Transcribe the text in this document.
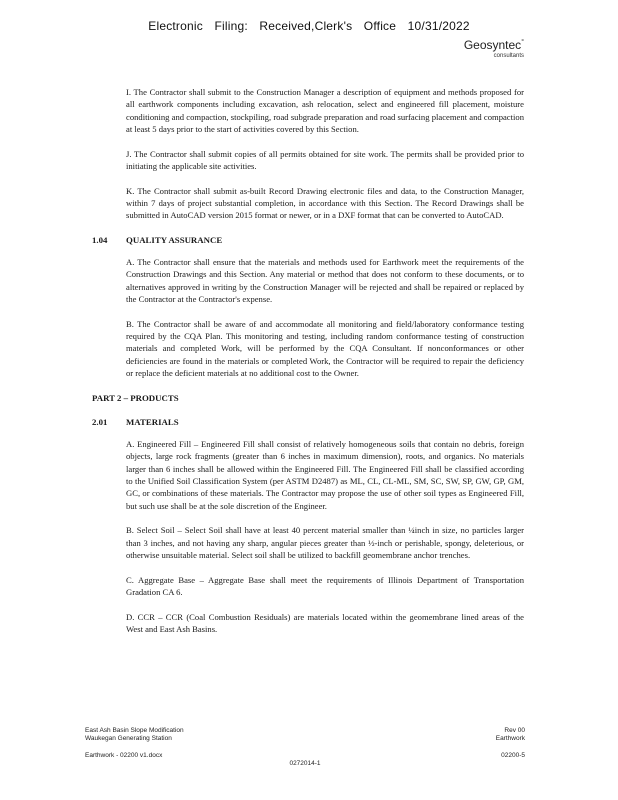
Electronic Filing: Received,Clerk's Office 10/31/2022
Geosyntec°
consultants
I. The Contractor shall submit to the Construction Manager a description of equipment and methods proposed for all earthwork components including excavation, ash relocation, select and engineered fill placement, moisture conditioning and compaction, stockpiling, road subgrade preparation and road surfacing placement and compaction at least 5 days prior to the start of activities covered by this Section.
J. The Contractor shall submit copies of all permits obtained for site work. The permits shall be provided prior to initiating the applicable site activities.
K. The Contractor shall submit as-built Record Drawing electronic files and data, to the Construction Manager, within 7 days of project substantial completion, in accordance with this Section. The Record Drawings shall be submitted in AutoCAD version 2015 format or newer, or in a DXF format that can be converted to AutoCAD.
1.04	QUALITY ASSURANCE
A. The Contractor shall ensure that the materials and methods used for Earthwork meet the requirements of the Construction Drawings and this Section. Any material or method that does not conform to these documents, or to alternatives approved in writing by the Construction Manager will be rejected and shall be repaired or replaced by the Contractor at the Contractor's expense.
B. The Contractor shall be aware of and accommodate all monitoring and field/laboratory conformance testing required by the CQA Plan. This monitoring and testing, including random conformance testing of construction materials and completed Work, will be performed by the CQA Consultant. If nonconformances or other deficiencies are found in the materials or completed Work, the Contractor will be required to repair the deficiency or replace the deficient materials at no additional cost to the Owner.
PART 2 – PRODUCTS
2.01	MATERIALS
A. Engineered Fill – Engineered Fill shall consist of relatively homogeneous soils that contain no debris, foreign objects, large rock fragments (greater than 6 inches in maximum dimension), roots, and organics. No materials larger than 6 inches shall be allowed within the Engineered Fill. The Engineered Fill shall be classified according to the Unified Soil Classification System (per ASTM D2487) as ML, CL, CL-ML, SM, SC, SW, SP, GW, GP, GM, GC, or combinations of these materials. The Contractor may propose the use of other soil types as Engineered Fill, but such use shall be at the sole discretion of the Engineer.
B. Select Soil – Select Soil shall have at least 40 percent material smaller than ¼inch in size, no particles larger than 3 inches, and not having any sharp, angular pieces greater than ½-inch or perishable, spongy, deleterious, or otherwise unsuitable material. Select soil shall be utilized to backfill geomembrane anchor trenches.
C. Aggregate Base – Aggregate Base shall meet the requirements of Illinois Department of Transportation Gradation CA 6.
D. CCR – CCR (Coal Combustion Residuals) are materials located within the geomembrane lined areas of the West and East Ash Basins.
East Ash Basin Slope Modification	Rev 00
Waukegan Generating Station	Earthwork
Earthwork - 02200 v1.docx	02200-5
0272014-1
